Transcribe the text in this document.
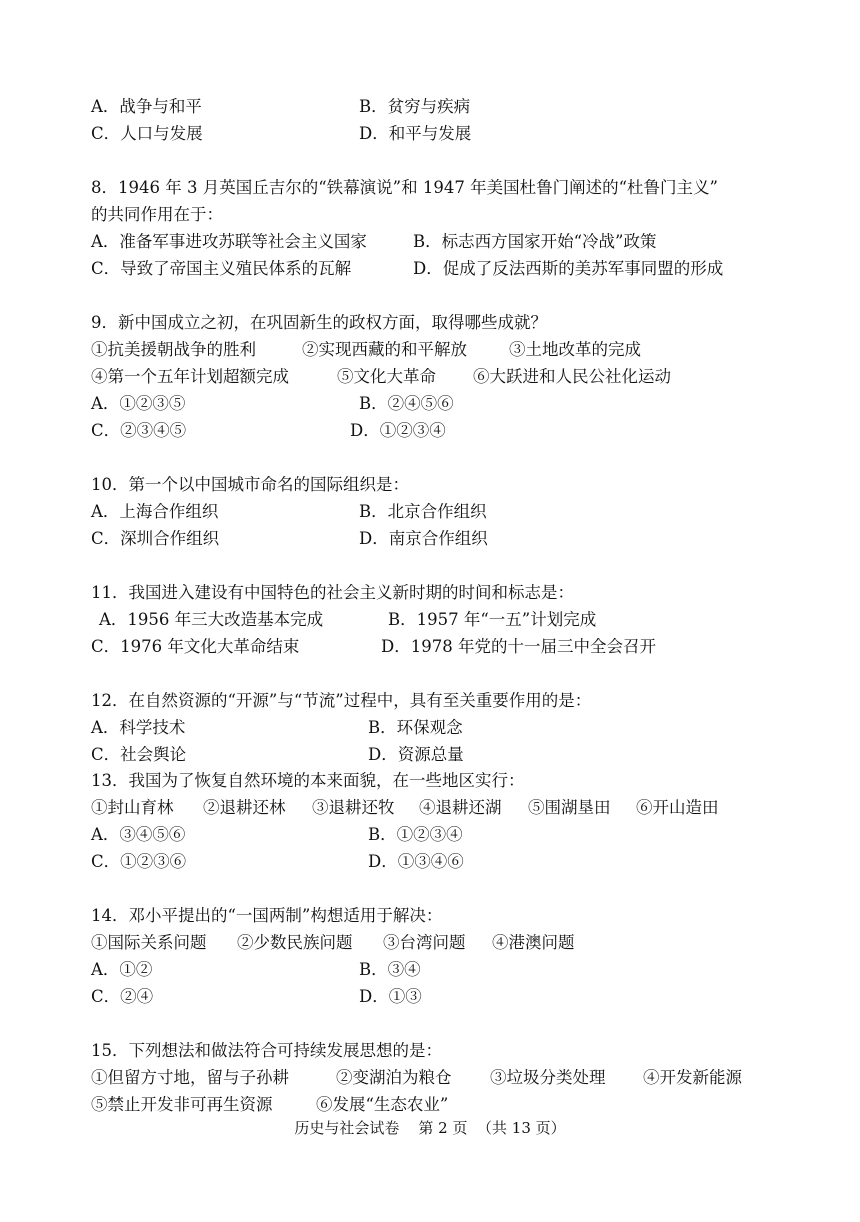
A．战争与和平	B．贫穷与疾病
C．人口与发展	D．和平与发展
8．1946 年 3 月英国丘吉尔的“铁幕演说”和 1947 年美国杜鲁门阐述的“杜鲁门主义”
的共同作用在于：
A．准备军事进攻苏联等社会主义国家	B．标志西方国家开始“冷战”政策
C．导致了帝国主义殖民体系的瓦解	D．促成了反法西斯的美苏军事同盟的形成
9．新中国成立之初，在巩固新生的政权方面，取得哪些成就？
①抗美援朝战争的胜利	②实现西藏的和平解放	③土地改革的完成
④第一个五年计划超额完成	⑤文化大革命 ⑥大跃进和人民公社化运动
A．①②③⑤	B．②④⑤⑥
C．②③④⑤	D．①②③④
10．第一个以中国城市命名的国际组织是：
A．上海合作组织	B．北京合作组织
C．深圳合作组织	D．南京合作组织
11．我国进入建设有中国特色的社会主义新时期的时间和标志是：
A．1956 年三大改造基本完成	B．1957 年“一五”计划完成
C．1976 年文化大革命结束	D．1978 年党的十一届三中全会召开
12．在自然资源的“开源”与“节流”过程中，具有至关重要作用的是：
A．科学技术	B．环保观念
C．社会舆论	D．资源总量
13．我国为了恢复自然环境的本来面貌，在一些地区实行：
①封山育林 ②退耕还林 ③退耕还牧 ④退耕还湖 ⑤围湖垦田 ⑥开山造田
A．③④⑤⑥	B．①②③④
C．①②③⑥	D．①③④⑥
14．邓小平提出的“一国两制”构想适用于解决：
①国际关系问题 ②少数民族问题 ③台湾问题 ④港澳问题
A．①②	B．③④
C．②④	D．①③
15．下列想法和做法符合可持续发展思想的是：
①但留方寸地，留与子孙耕	②变湖泊为粮仓 ③垃圾分类处理 ④开发新能源
⑤禁止开发非可再生资源	⑥发展“生态农业”
历史与社会试卷    第 2 页  （共 13 页）
